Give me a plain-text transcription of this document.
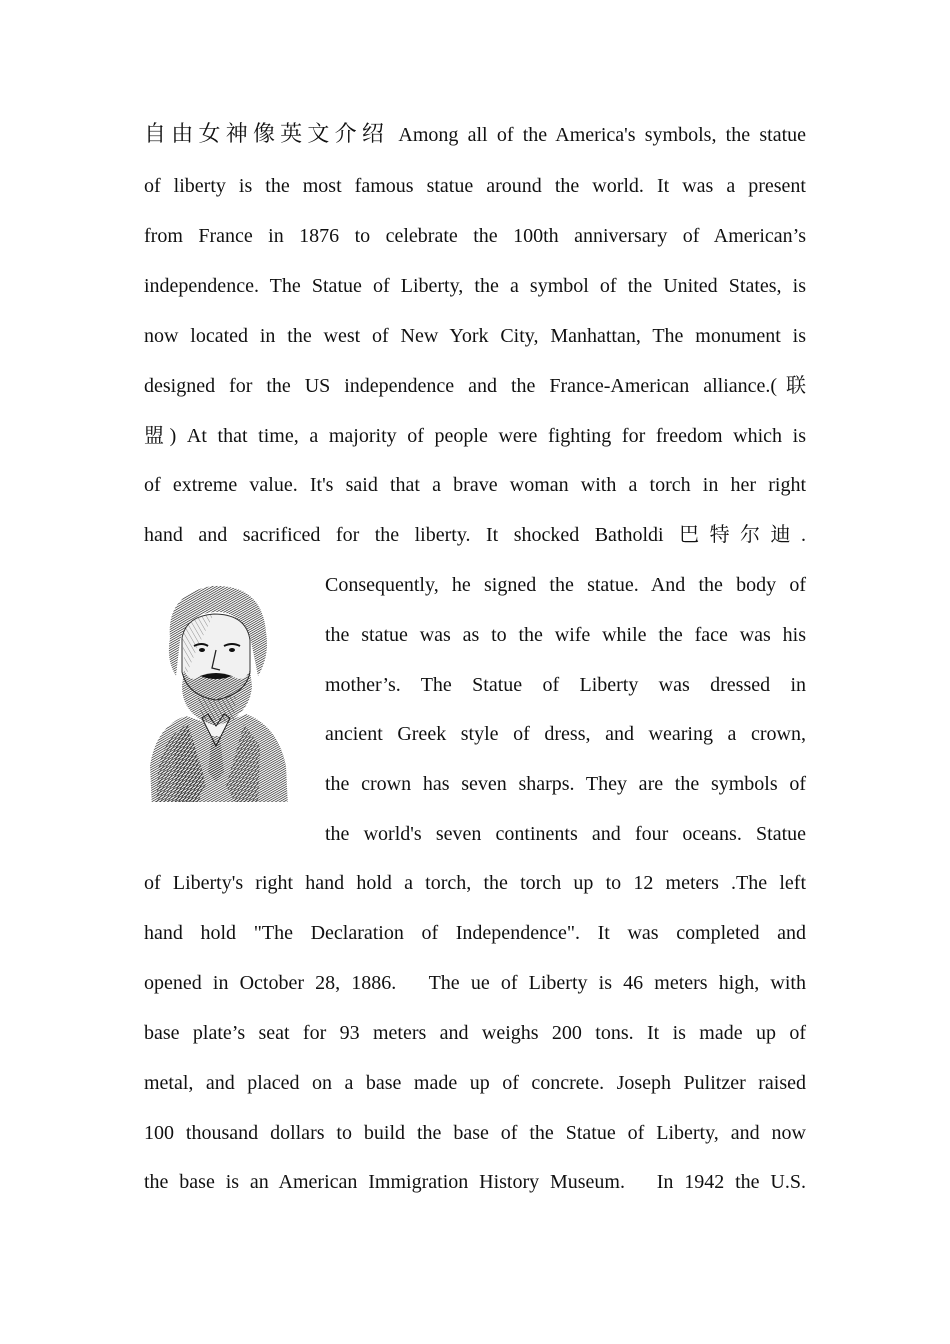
自由女神像英文介绍 Among all of the America's symbols, the statue
of liberty is the most famous statue around the world. It was a present
from France in 1876 to celebrate the 100th anniversary of American’s
independence. The Statue of Liberty, the a symbol of the United States, is
now located in the west of New York City, Manhattan, The monument is
designed for the US independence and the France-American alliance.(联
盟) At that time, a majority of people were fighting for freedom which is
of extreme value. It's said that a brave woman with a torch in her right
hand and sacrificed for the liberty. It shocked Batholdi 巴特尔迪.
Consequently, he signed the statue. And the body of
the statue was as to the wife while the face was his
mother’s. The Statue of Liberty was dressed in
ancient Greek style of dress, and wearing a crown,
the crown has seven sharps. They are the symbols of
the world's seven continents and four oceans. Statue
of Liberty's right hand hold a torch, the torch up to 12 meters .The left
hand hold "The Declaration of Independence". It was completed and
opened in October 28, 1886.　The ue of Liberty is 46 meters high, with
base plate’s seat for 93 meters and weighs 200 tons. It is made up of
metal, and placed on a base made up of concrete. Joseph Pulitzer raised
100 thousand dollars to build the base of the Statue of Liberty, and now
the base is an American Immigration History Museum.　In 1942 the U.S.
